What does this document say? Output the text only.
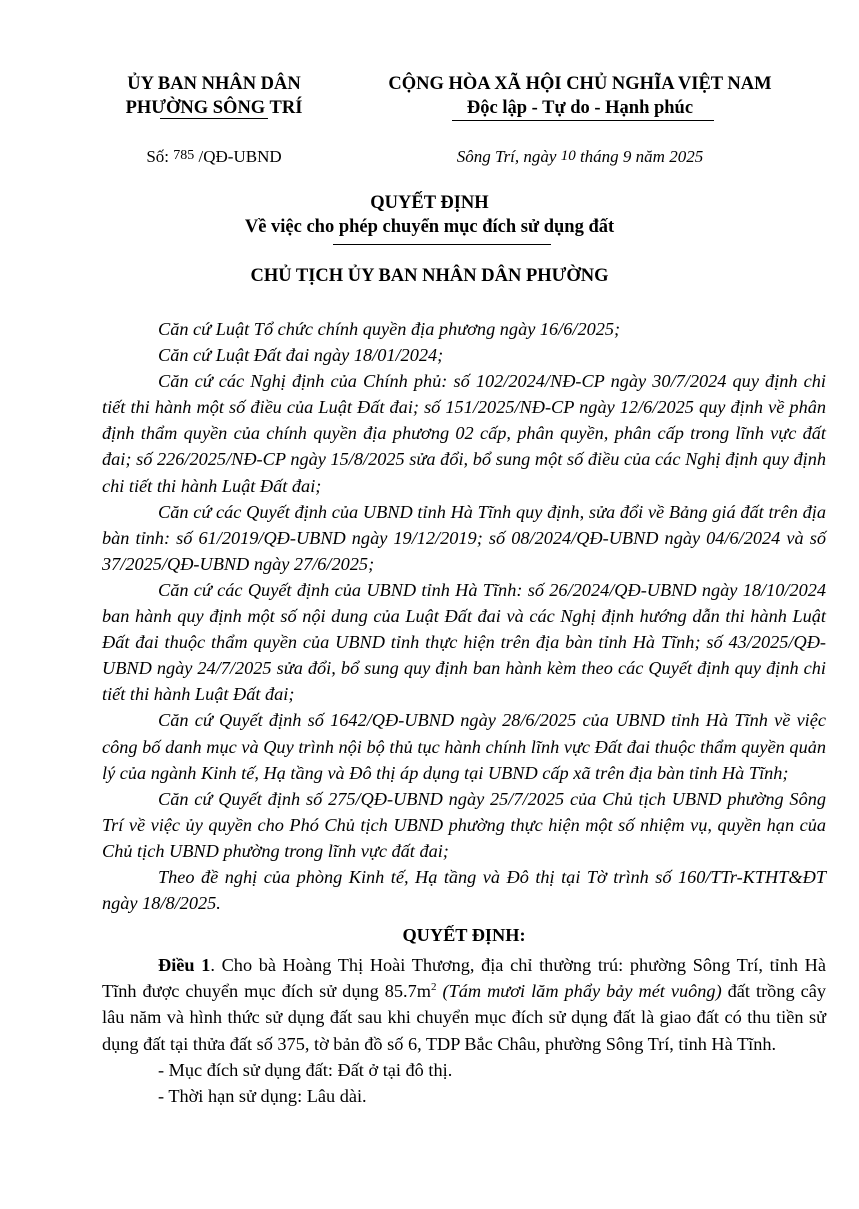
ỦY BAN NHÂN DÂN
PHƯỜNG SÔNG TRÍ
CỘNG HÒA XÃ HỘI CHỦ NGHĨA VIỆT NAM
Độc lập - Tự do - Hạnh phúc
Số: 785 /QĐ-UBND	Sông Trí, ngày 10 tháng 9 năm 2025
QUYẾT ĐỊNH
Về việc cho phép chuyển mục đích sử dụng đất
CHỦ TỊCH ỦY BAN NHÂN DÂN PHƯỜNG

Căn cứ Luật Tổ chức chính quyền địa phương ngày 16/6/2025;

Căn cứ Luật Đất đai ngày 18/01/2024;

Căn cứ các Nghị định của Chính phủ: số 102/2024/NĐ-CP ngày 30/7/2024 quy định chi tiết thi hành một số điều của Luật Đất đai; số 151/2025/NĐ-CP ngày 12/6/2025 quy định về phân định thẩm quyền của chính quyền địa phương 02 cấp, phân quyền, phân cấp trong lĩnh vực đất đai; số 226/2025/NĐ-CP ngày 15/8/2025 sửa đổi, bổ sung một số điều của các Nghị định quy định chi tiết thi hành Luật Đất đai;

Căn cứ các Quyết định của UBND tỉnh Hà Tĩnh quy định, sửa đổi về Bảng giá đất trên địa bàn tỉnh: số 61/2019/QĐ-UBND ngày 19/12/2019; số 08/2024/QĐ-UBND ngày 04/6/2024 và số 37/2025/QĐ-UBND ngày 27/6/2025;

Căn cứ các Quyết định của UBND tỉnh Hà Tĩnh: số 26/2024/QĐ-UBND ngày 18/10/2024 ban hành quy định một số nội dung của Luật Đất đai và các Nghị định hướng dẫn thi hành Luật Đất đai thuộc thẩm quyền của UBND tỉnh thực hiện trên địa bàn tỉnh Hà Tĩnh; số 43/2025/QĐ-UBND ngày 24/7/2025 sửa đổi, bổ sung quy định ban hành kèm theo các Quyết định quy định chi tiết thi hành Luật Đất đai;

Căn cứ Quyết định số 1642/QĐ-UBND ngày 28/6/2025 của UBND tỉnh Hà Tĩnh về việc công bố danh mục và Quy trình nội bộ thủ tục hành chính lĩnh vực Đất đai thuộc thẩm quyền quản lý của ngành Kinh tế, Hạ tầng và Đô thị áp dụng tại UBND cấp xã trên địa bàn tỉnh Hà Tĩnh;

Căn cứ Quyết định số 275/QĐ-UBND ngày 25/7/2025 của Chủ tịch UBND phường Sông Trí về việc ủy quyền cho Phó Chủ tịch UBND phường thực hiện một số nhiệm vụ, quyền hạn của Chủ tịch UBND phường trong lĩnh vực đất đai;

Theo đề nghị của phòng Kinh tế, Hạ tầng và Đô thị tại Tờ trình số 160/TTr-KTHT&ĐT ngày 18/8/2025.

QUYẾT ĐỊNH:

Điều 1. Cho bà Hoàng Thị Hoài Thương, địa chỉ thường trú: phường Sông Trí, tỉnh Hà Tĩnh được chuyển mục đích sử dụng $85.7m^2$ (Tám mươi lăm phẩy bảy mét vuông) đất trồng cây lâu năm và hình thức sử dụng đất sau khi chuyển mục đích sử dụng đất là giao đất có thu tiền sử dụng đất tại thửa đất số 375, tờ bản đồ số 6, TDP Bắc Châu, phường Sông Trí, tỉnh Hà Tĩnh.

- Mục đích sử dụng đất: Đất ở tại đô thị.

- Thời hạn sử dụng: Lâu dài.
